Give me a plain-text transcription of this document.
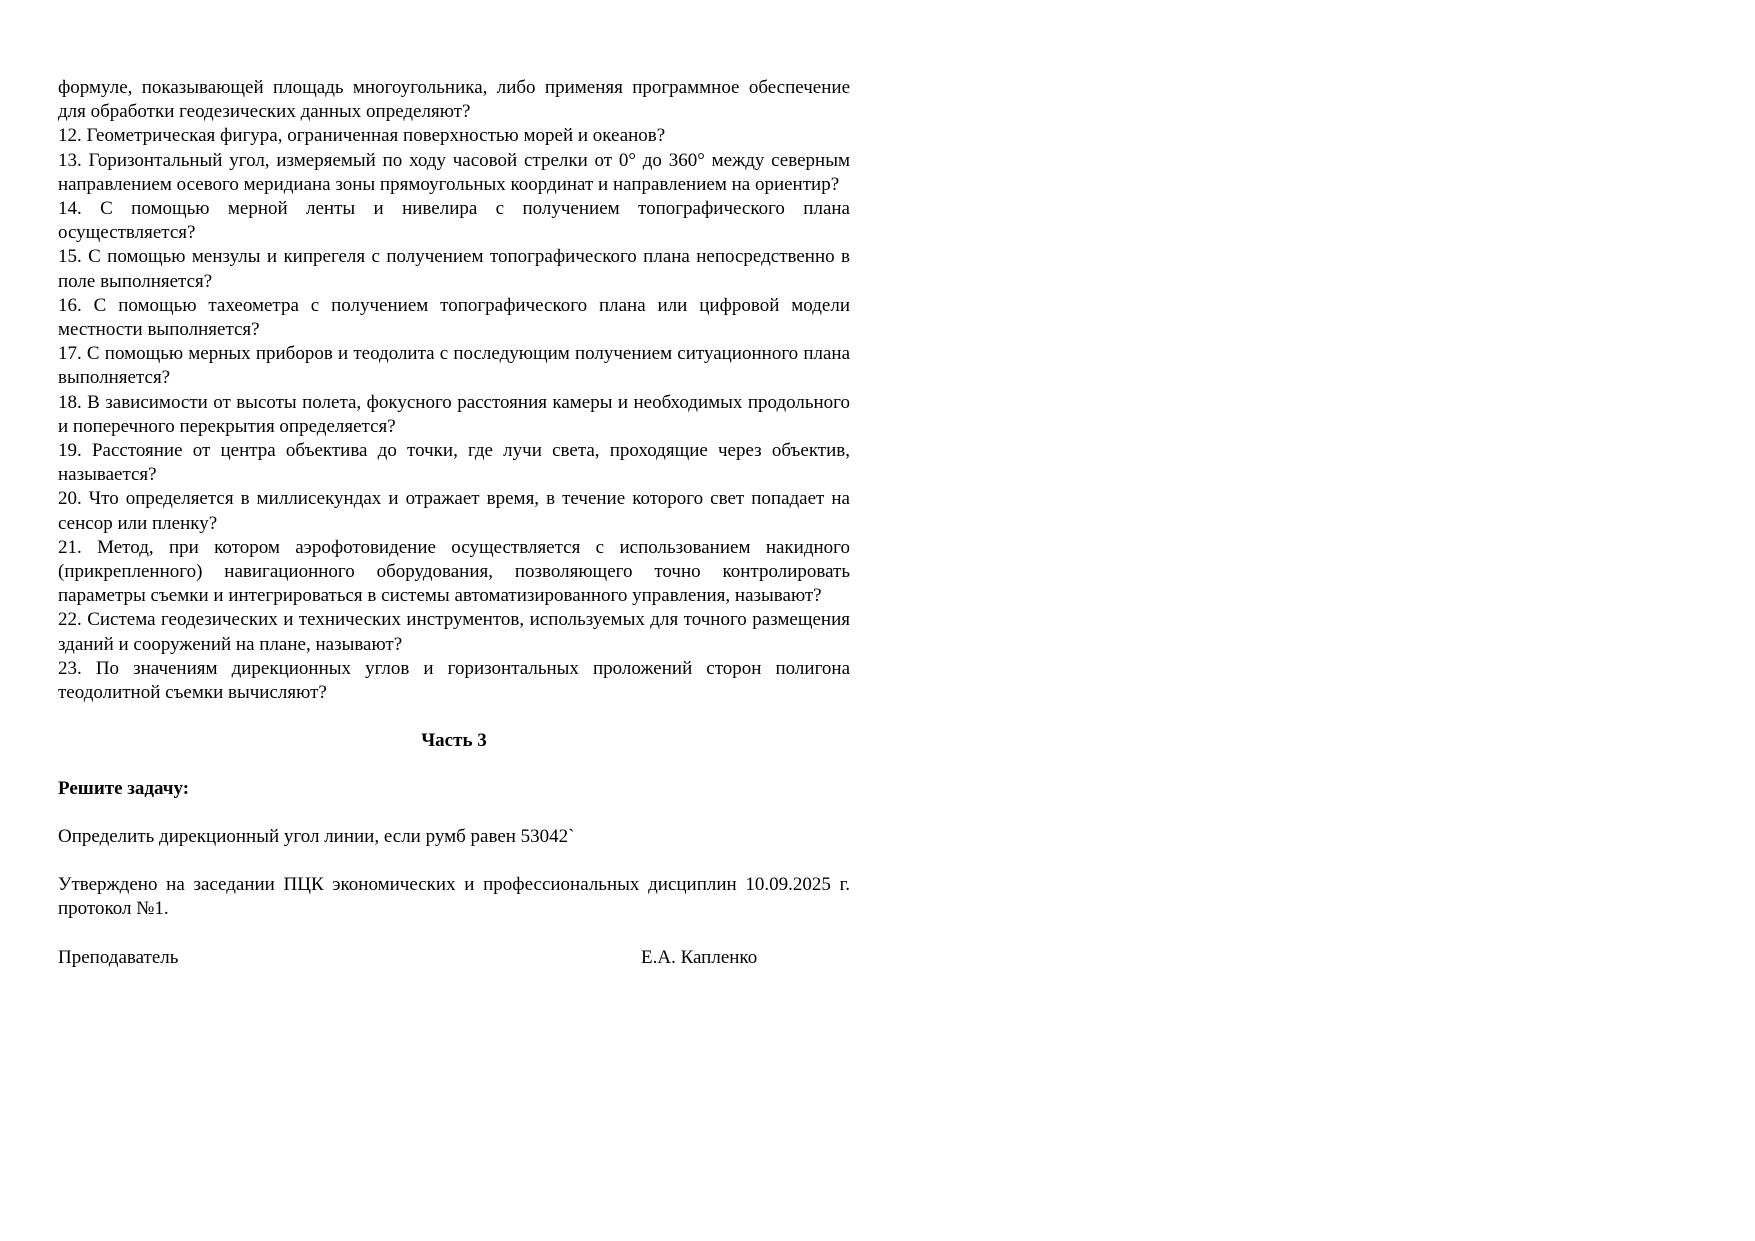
формуле, показывающей площадь многоугольника, либо применяя программное обеспечение для обработки геодезических данных определяют?

12. Геометрическая фигура, ограниченная поверхностью морей и океанов?

13. Горизонтальный угол, измеряемый по ходу часовой стрелки от 0° до 360° между северным направлением осевого меридиана зоны прямоугольных координат и направлением на ориентир?

14. С помощью мерной ленты и нивелира с получением топографического плана осуществляется?

15. С помощью мензулы и кипрегеля с получением топографического плана непосредственно в поле выполняется?

16. С помощью тахеометра с получением топографического плана или цифровой модели местности выполняется?

17. С помощью мерных приборов и теодолита с последующим получением ситуационного плана выполняется?

18. В зависимости от высоты полета, фокусного расстояния камеры и необходимых продольного и поперечного перекрытия определяется?

19. Расстояние от центра объектива до точки, где лучи света, проходящие через объектив, называется?

20. Что определяется в миллисекундах и отражает время, в течение которого свет попадает на сенсор или пленку?

21. Метод, при котором аэрофотовидение осуществляется с использованием накидного (прикрепленного) навигационного оборудования, позволяющего точно контролировать параметры съемки и интегрироваться в системы автоматизированного управления, называют?

22. Система геодезических и технических инструментов, используемых для точного размещения зданий и сооружений на плане, называют?

23. По значениям дирекционных углов и горизонтальных проложений сторон полигона теодолитной съемки вычисляют?

Часть 3

Решите задачу:

Определить дирекционный угол линии, если румб равен 53042`

Утверждено на заседании ПЦК экономических и профессиональных дисциплин 10.09.2025 г. протокол №1.

Преподаватель	Е.А. Капленко
